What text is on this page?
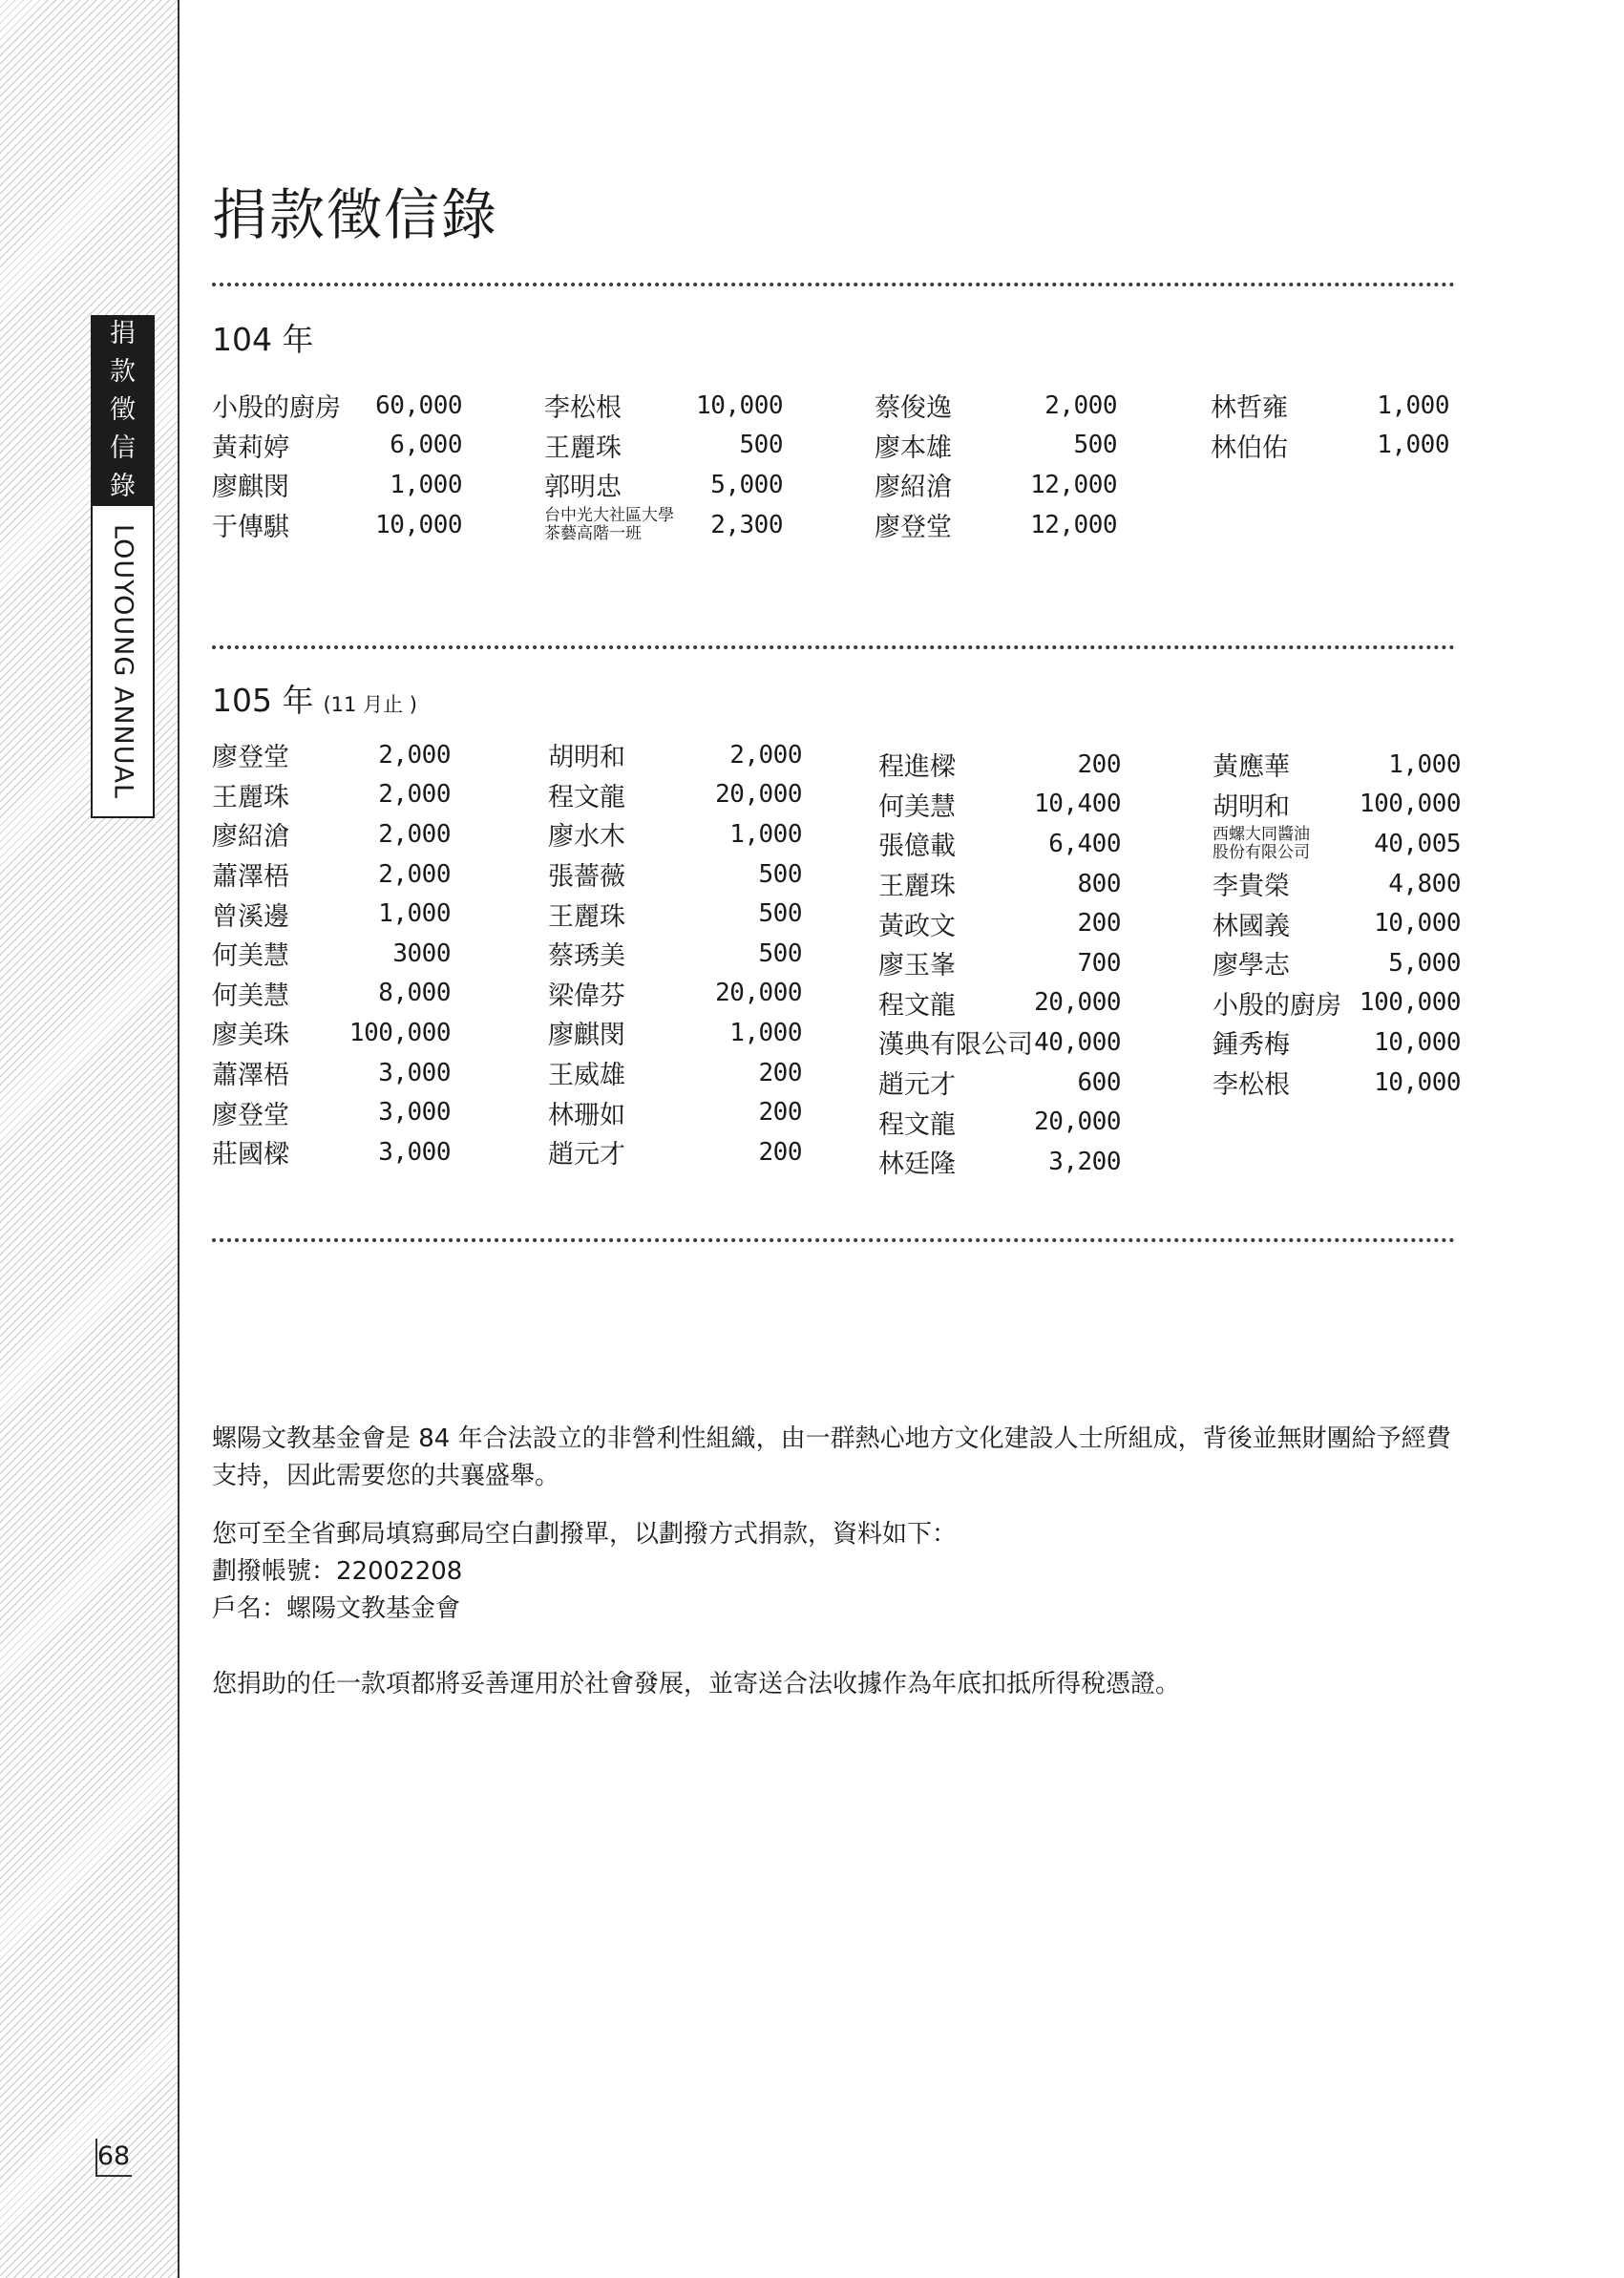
捐
款
徵
信
錄
LOUYOUNG ANNUAL
68
捐款徵信錄
104 年
小殷的廚房 60,000
黃莉婷	6,000
廖麒閔	1,000
于傳騏	10,000
李松根	10,000
王麗珠	500
郭明忠	5,000
台中光大社區大學
茶藝高階一班	2,300
蔡俊逸	2,000
廖本雄	500
廖紹滄	12,000
廖登堂	12,000
林哲雍	1,000
林伯佑	1,000
105 年 (11 月止 )
廖登堂	2,000
王麗珠	2,000
廖紹滄	2,000
蕭澤梧	2,000
曾溪邊	1,000
何美慧	3000
何美慧	8,000
廖美珠 100,000
蕭澤梧	3,000
廖登堂	3,000
莊國樑	3,000
胡明和	2,000
程文龍	20,000
廖水木	1,000
張薔薇	500
王麗珠	500
蔡琇美	500
梁偉芬	20,000
廖麒閔	1,000
王威雄	200
林珊如	200
趙元才	200
程進樑	200
何美慧	10,400
張億載	6,400
王麗珠	800
黃政文	200
廖玉峯	700
程文龍	20,000
漢典有限公司 40,000
趙元才	600
程文龍	20,000
林廷隆	3,200
黃應華	1,000
胡明和	100,000
西螺大同醬油
股份有限公司	40,005
李貴榮	4,800
林國義	10,000
廖學志	5,000
小殷的廚房 100,000
鍾秀梅	10,000
李松根	10,000

螺陽文教基金會是 84 年合法設立的非營利性組織，由一群熱心地方文化建設人士所組成，背後並無財團給予經費支持，因此需要您的共襄盛舉。

您可至全省郵局填寫郵局空白劃撥單，以劃撥方式捐款，資料如下：

劃撥帳號：22002208

戶名：螺陽文教基金會

您捐助的任一款項都將妥善運用於社會發展，並寄送合法收據作為年底扣抵所得稅憑證。
